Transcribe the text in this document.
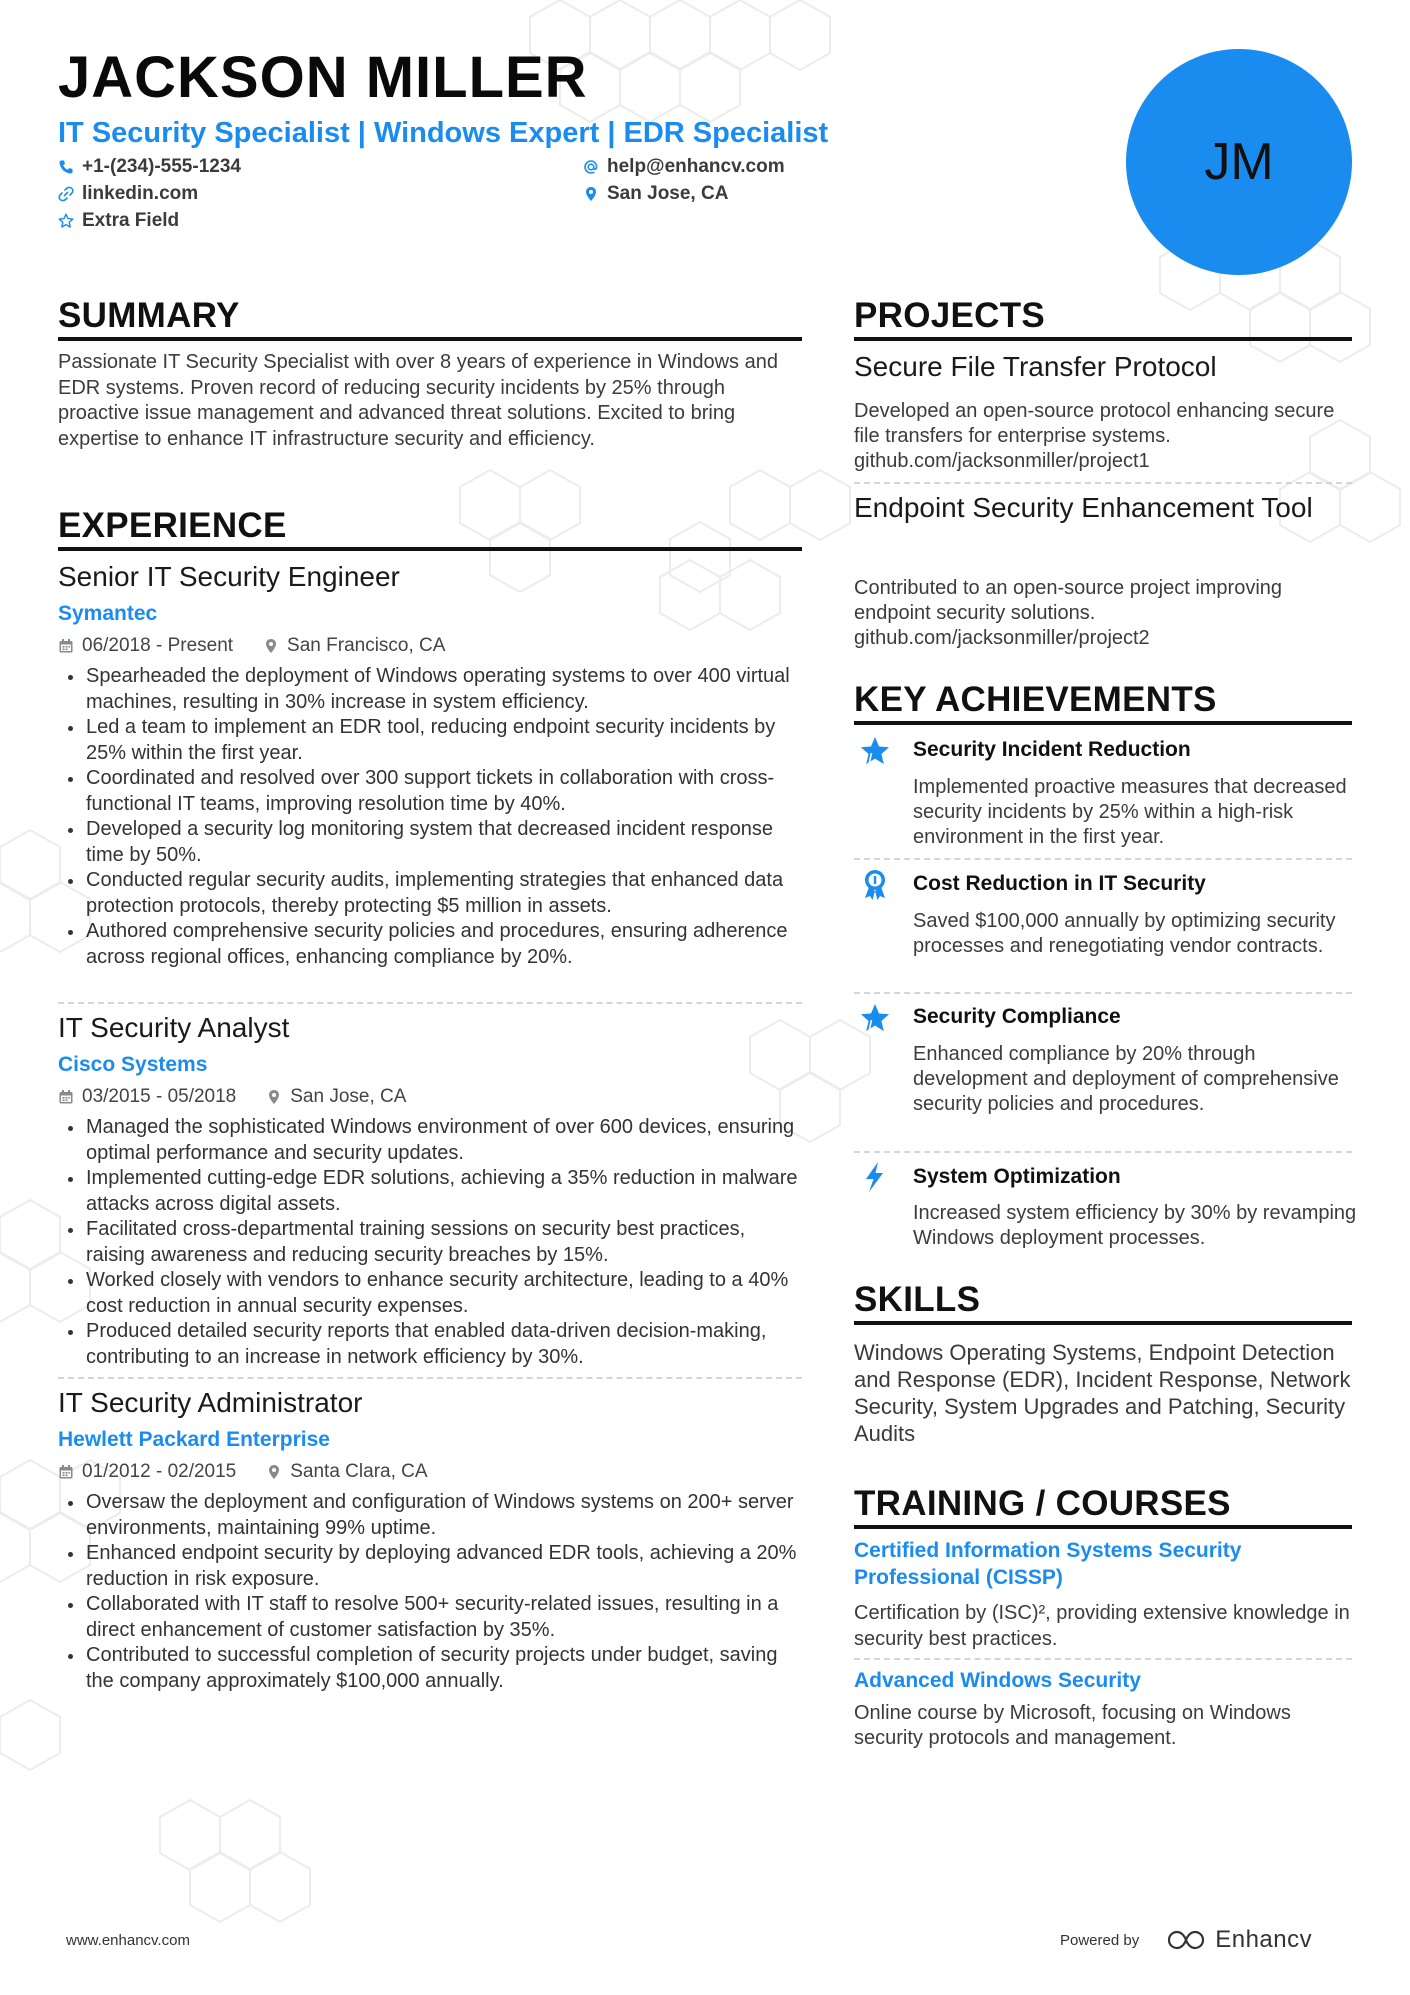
JACKSON MILLER
IT Security Specialist | Windows Expert | EDR Specialist
+1-(234)-555-1234	help@enhancv.com
linkedin.com	San Jose, CA
Extra Field
JM
SUMMARY
Passionate IT Security Specialist with over 8 years of experience in Windows and EDR systems. Proven record of reducing security incidents by 25% through proactive issue management and advanced threat solutions. Excited to bring expertise to enhance IT infrastructure security and efficiency.
EXPERIENCE
Senior IT Security Engineer
Symantec
06/2018 - Present	San Francisco, CA
Spearheaded the deployment of Windows operating systems to over 400 virtual machines, resulting in 30% increase in system efficiency.
Led a team to implement an EDR tool, reducing endpoint security incidents by 25% within the first year.
Coordinated and resolved over 300 support tickets in collaboration with cross-functional IT teams, improving resolution time by 40%.
Developed a security log monitoring system that decreased incident response time by 50%.
Conducted regular security audits, implementing strategies that enhanced data protection protocols, thereby protecting $5 million in assets.
Authored comprehensive security policies and procedures, ensuring adherence across regional offices, enhancing compliance by 20%.
IT Security Analyst
Cisco Systems
03/2015 - 05/2018	San Jose, CA
Managed the sophisticated Windows environment of over 600 devices, ensuring optimal performance and security updates.
Implemented cutting-edge EDR solutions, achieving a 35% reduction in malware attacks across digital assets.
Facilitated cross-departmental training sessions on security best practices, raising awareness and reducing security breaches by 15%.
Worked closely with vendors to enhance security architecture, leading to a 40% cost reduction in annual security expenses.
Produced detailed security reports that enabled data-driven decision-making, contributing to an increase in network efficiency by 30%.
IT Security Administrator
Hewlett Packard Enterprise
01/2012 - 02/2015	Santa Clara, CA
Oversaw the deployment and configuration of Windows systems on 200+ server environments, maintaining 99% uptime.
Enhanced endpoint security by deploying advanced EDR tools, achieving a 20% reduction in risk exposure.
Collaborated with IT staff to resolve 500+ security-related issues, resulting in a direct enhancement of customer satisfaction by 35%.
Contributed to successful completion of security projects under budget, saving the company approximately $100,000 annually.
PROJECTS
Secure File Transfer Protocol
Developed an open-source protocol enhancing secure file transfers for enterprise systems.
github.com/jacksonmiller/project1
Endpoint Security Enhancement Tool
Contributed to an open-source project improving endpoint security solutions.
github.com/jacksonmiller/project2
KEY ACHIEVEMENTS
Security Incident Reduction
Implemented proactive measures that decreased security incidents by 25% within a high-risk environment in the first year.
Cost Reduction in IT Security
Saved $100,000 annually by optimizing security processes and renegotiating vendor contracts.
Security Compliance
Enhanced compliance by 20% through development and deployment of comprehensive security policies and procedures.
System Optimization
Increased system efficiency by 30% by revamping Windows deployment processes.
SKILLS
Windows Operating Systems, Endpoint Detection and Response (EDR), Incident Response, Network Security, System Upgrades and Patching, Security Audits
TRAINING / COURSES
Certified Information Systems Security Professional (CISSP)
Certification by (ISC)², providing extensive knowledge in security best practices.
Advanced Windows Security
Online course by Microsoft, focusing on Windows security protocols and management.
www.enhancv.com	Powered by	Enhancv
